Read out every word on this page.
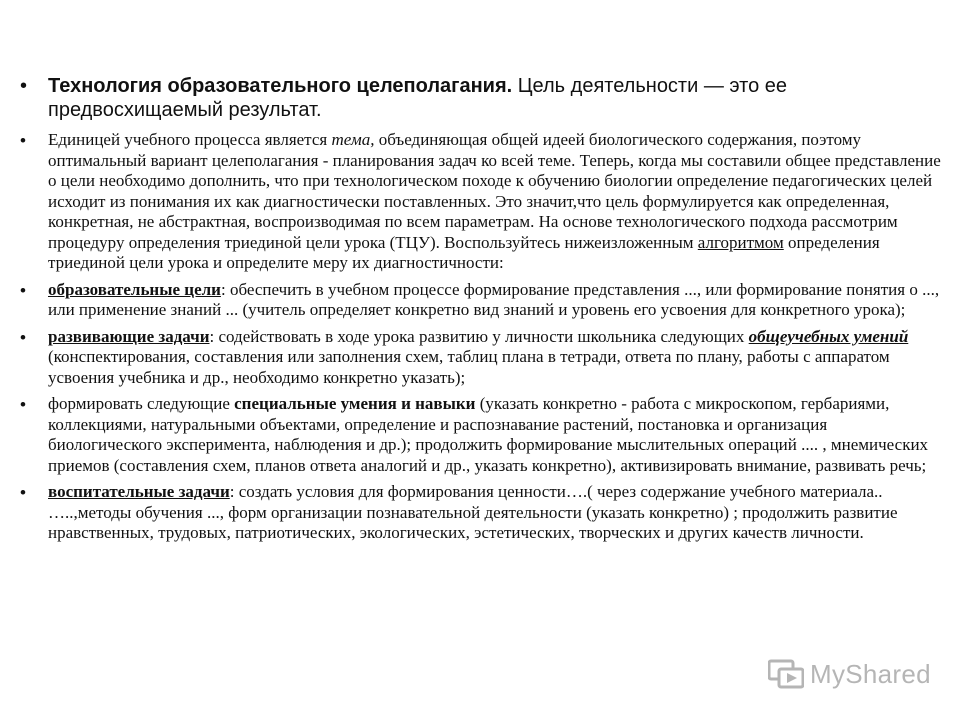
• Технология образовательного целеполагания. Цель деятельности — это ее предвосхищаемый результат.
• Единицей учебного процесса является тема, объединяющая общей идеей биологического содержания, поэтому оптимальный вариант целеполагания - планирования задач ко всей теме. Теперь, когда мы составили общее представление о цели необходимо дополнить, что при технологическом походе к обучению биологии определение педагогических целей исходит из понимания их как диагностически поставленных. Это значит,что цель формулируется как определенная, конкретная, не абстрактная, воспроизводимая по всем параметрам. На основе технологического подхода рассмотрим процедуру определения триединой цели урока (ТЦУ). Воспользуйтесь нижеизложенным алгоритмом определения триединой цели урока и определите меру их диагностичности:
• образовательные цели: обеспечить в учебном процессе формирование представления ..., или формирование понятия о ..., или применение знаний ... (учитель определяет конкретно вид знаний и уровень его усвоения для конкретного урока);
• развивающие задачи: содействовать в ходе урока развитию у личности школьника следующих общеучебных умений (конспектирования, составления или заполнения схем, таблиц плана в тетради, ответа по плану, работы с аппаратом усвоения учебника и др., необходимо конкретно указать);
• формировать следующие специальные умения и навыки (указать конкретно - работа с микроскопом, гербариями, коллекциями, натуральными объектами, определение и распознавание растений, постановка и организация биологического эксперимента, наблюдения и др.); продолжить формирование мыслительных операций .... , мнемических приемов (составления схем, планов ответа аналогий и др., указать конкретно), активизировать внимание, развивать речь;
• воспитательные задачи: создать условия для формирования ценности….( через содержание учебного материала.. …..,методы обучения ..., форм организации познавательной деятельности (указать конкретно) ; продолжить развитие нравственных, трудовых, патриотических, экологических, эстетических, творческих и других качеств личности.
MyShared
